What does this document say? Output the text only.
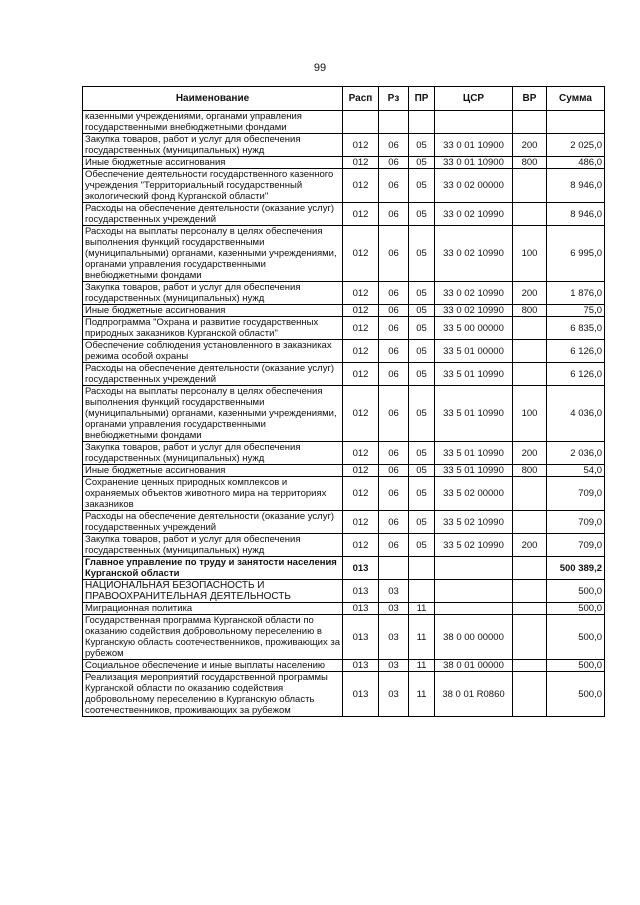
99
Наименование	Расп	Рз	ПР	ЦСР	ВР	Сумма
казенными учреждениями, органами управления государственными внебюджетными фондами						
Закупка товаров, работ и услуг для обеспечения государственных (муниципальных) нужд	012	06	05	33 0 01 10900	200	2 025,0
Иные бюджетные ассигнования	012	06	05	33 0 01 10900	800	486,0
Обеспечение деятельности государственного казенного учреждения "Территориальный государственный экологический фонд Курганской области"	012	06	05	33 0 02 00000		8 946,0
Расходы на обеспечение деятельности (оказание услуг) государственных учреждений	012	06	05	33 0 02 10990		8 946,0
Расходы на выплаты персоналу в целях обеспечения выполнения функций государственными (муниципальными) органами, казенными учреждениями, органами управления государственными внебюджетными фондами	012	06	05	33 0 02 10990	100	6 995,0
Закупка товаров, работ и услуг для обеспечения государственных (муниципальных) нужд	012	06	05	33 0 02 10990	200	1 876,0
Иные бюджетные ассигнования	012	06	05	33 0 02 10990	800	75,0
Подпрограмма "Охрана и развитие государственных природных заказников Курганской области"	012	06	05	33 5 00 00000		6 835,0
Обеспечение соблюдения установленного в заказниках режима особой охраны	012	06	05	33 5 01 00000		6 126,0
Расходы на обеспечение деятельности (оказание услуг) государственных учреждений	012	06	05	33 5 01 10990		6 126,0
Расходы на выплаты персоналу в целях обеспечения выполнения функций государственными (муниципальными) органами, казенными учреждениями, органами управления государственными внебюджетными фондами	012	06	05	33 5 01 10990	100	4 036,0
Закупка товаров, работ и услуг для обеспечения государственных (муниципальных) нужд	012	06	05	33 5 01 10990	200	2 036,0
Иные бюджетные ассигнования	012	06	05	33 5 01 10990	800	54,0
Сохранение ценных природных комплексов и охраняемых объектов животного мира на территориях заказников	012	06	05	33 5 02 00000		709,0
Расходы на обеспечение деятельности (оказание услуг) государственных учреждений	012	06	05	33 5 02 10990		709,0
Закупка товаров, работ и услуг для обеспечения государственных (муниципальных) нужд	012	06	05	33 5 02 10990	200	709,0
Главное управление по труду и занятости населения Курганской области	013					500 389,2
НАЦИОНАЛЬНАЯ БЕЗОПАСНОСТЬ И ПРАВООХРАНИТЕЛЬНАЯ ДЕЯТЕЛЬНОСТЬ	013	03				500,0
Миграционная политика	013	03	11			500,0
Государственная программа Курганской области по оказанию содействия добровольному переселению в Курганскую область соотечественников, проживающих за рубежом	013	03	11	38 0 00 00000		500,0
Социальное обеспечение и иные выплаты населению	013	03	11	38 0 01 00000		500,0
Реализация мероприятий государственной программы Курганской области по оказанию содействия добровольному переселению в Курганскую область соотечественников, проживающих за рубежом	013	03	11	38 0 01 R0860		500,0
